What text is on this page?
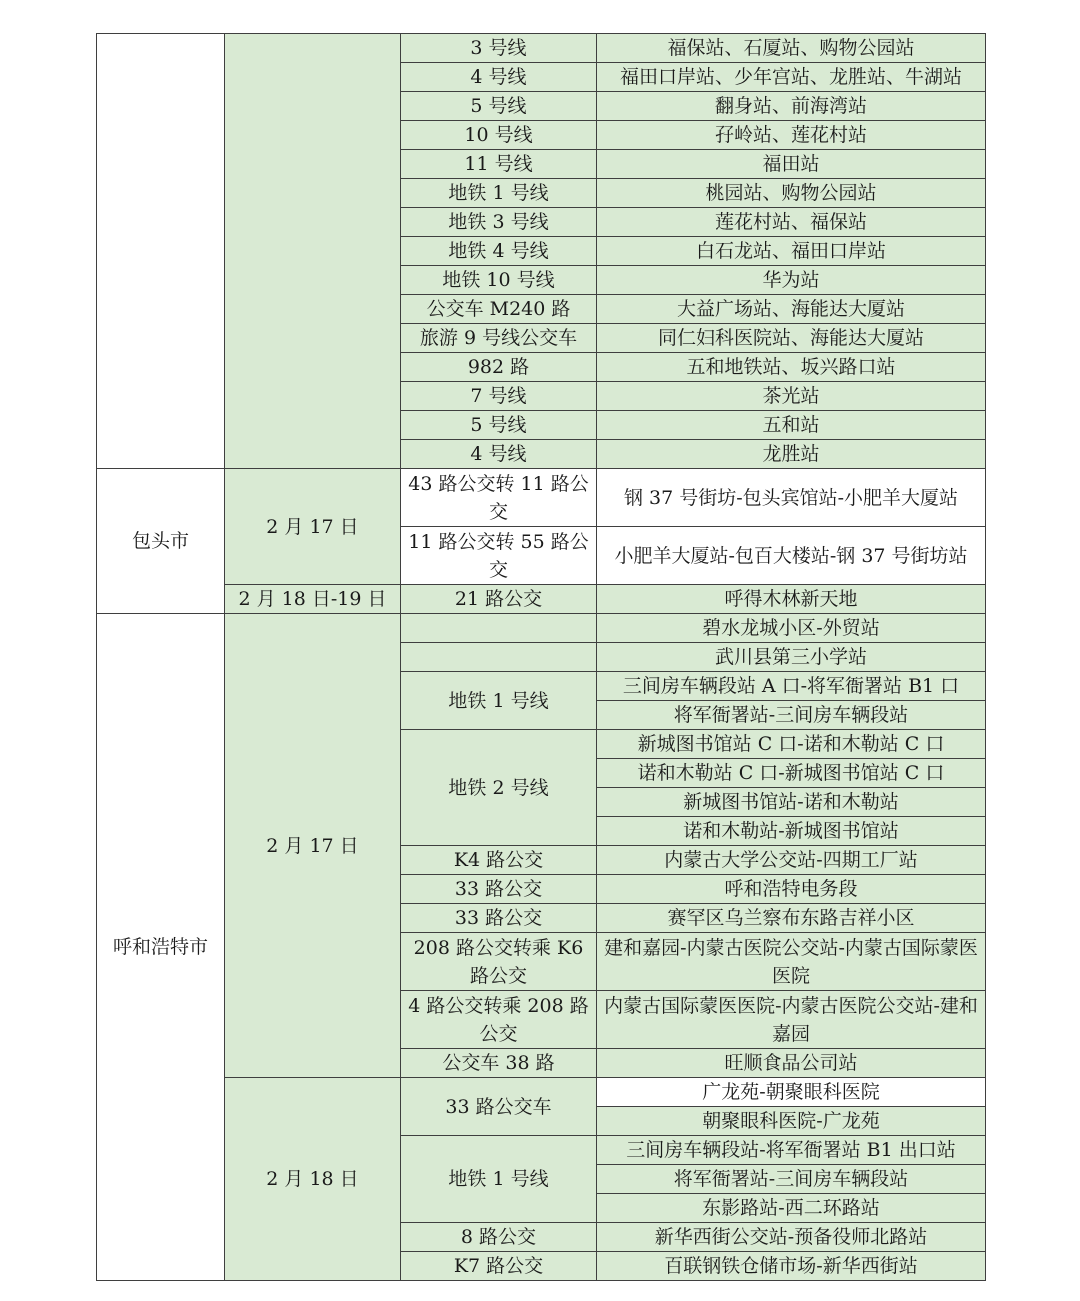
		3 号线	福保站、石厦站、购物公园站
		4 号线	福田口岸站、少年宫站、龙胜站、牛湖站
		5 号线	翻身站、前海湾站
		10 号线	孖岭站、莲花村站
		11 号线	福田站
		地铁 1 号线	桃园站、购物公园站
		地铁 3 号线	莲花村站、福保站
		地铁 4 号线	白石龙站、福田口岸站
		地铁 10 号线	华为站
		公交车 M240 路	大益广场站、海能达大厦站
		旅游 9 号线公交车	同仁妇科医院站、海能达大厦站
		982 路	五和地铁站、坂兴路口站
		7 号线	茶光站
		5 号线	五和站
		4 号线	龙胜站
包头市	2 月 17 日	43 路公交转 11 路公交	钢 37 号街坊-包头宾馆站-小肥羊大厦站
		11 路公交转 55 路公交	小肥羊大厦站-包百大楼站-钢 37 号街坊站
	2 月 18 日-19 日	21 路公交	呼得木林新天地
呼和浩特市	2 月 17 日		碧水龙城小区-外贸站
			武川县第三小学站
		地铁 1 号线	三间房车辆段站 A 口-将军衙署站 B1 口
			将军衙署站-三间房车辆段站
		地铁 2 号线	新城图书馆站 C 口-诺和木勒站 C 口
			诺和木勒站 C 口-新城图书馆站 C 口
			新城图书馆站-诺和木勒站
			诺和木勒站-新城图书馆站
		K4 路公交	内蒙古大学公交站-四期工厂站
		33 路公交	呼和浩特电务段
		33 路公交	赛罕区乌兰察布东路吉祥小区
		208 路公交转乘 K6 路公交	建和嘉园-内蒙古医院公交站-内蒙古国际蒙医医院
		4 路公交转乘 208 路公交	内蒙古国际蒙医医院-内蒙古医院公交站-建和嘉园
		公交车 38 路	旺顺食品公司站
	2 月 18 日	33 路公交车	广龙苑-朝聚眼科医院
			朝聚眼科医院-广龙苑
		地铁 1 号线	三间房车辆段站-将军衙署站 B1 出口站
			将军衙署站-三间房车辆段站
			东影路站-西二环路站
		8 路公交	新华西街公交站-预备役师北路站
		K7 路公交	百联钢铁仓储市场-新华西街站
